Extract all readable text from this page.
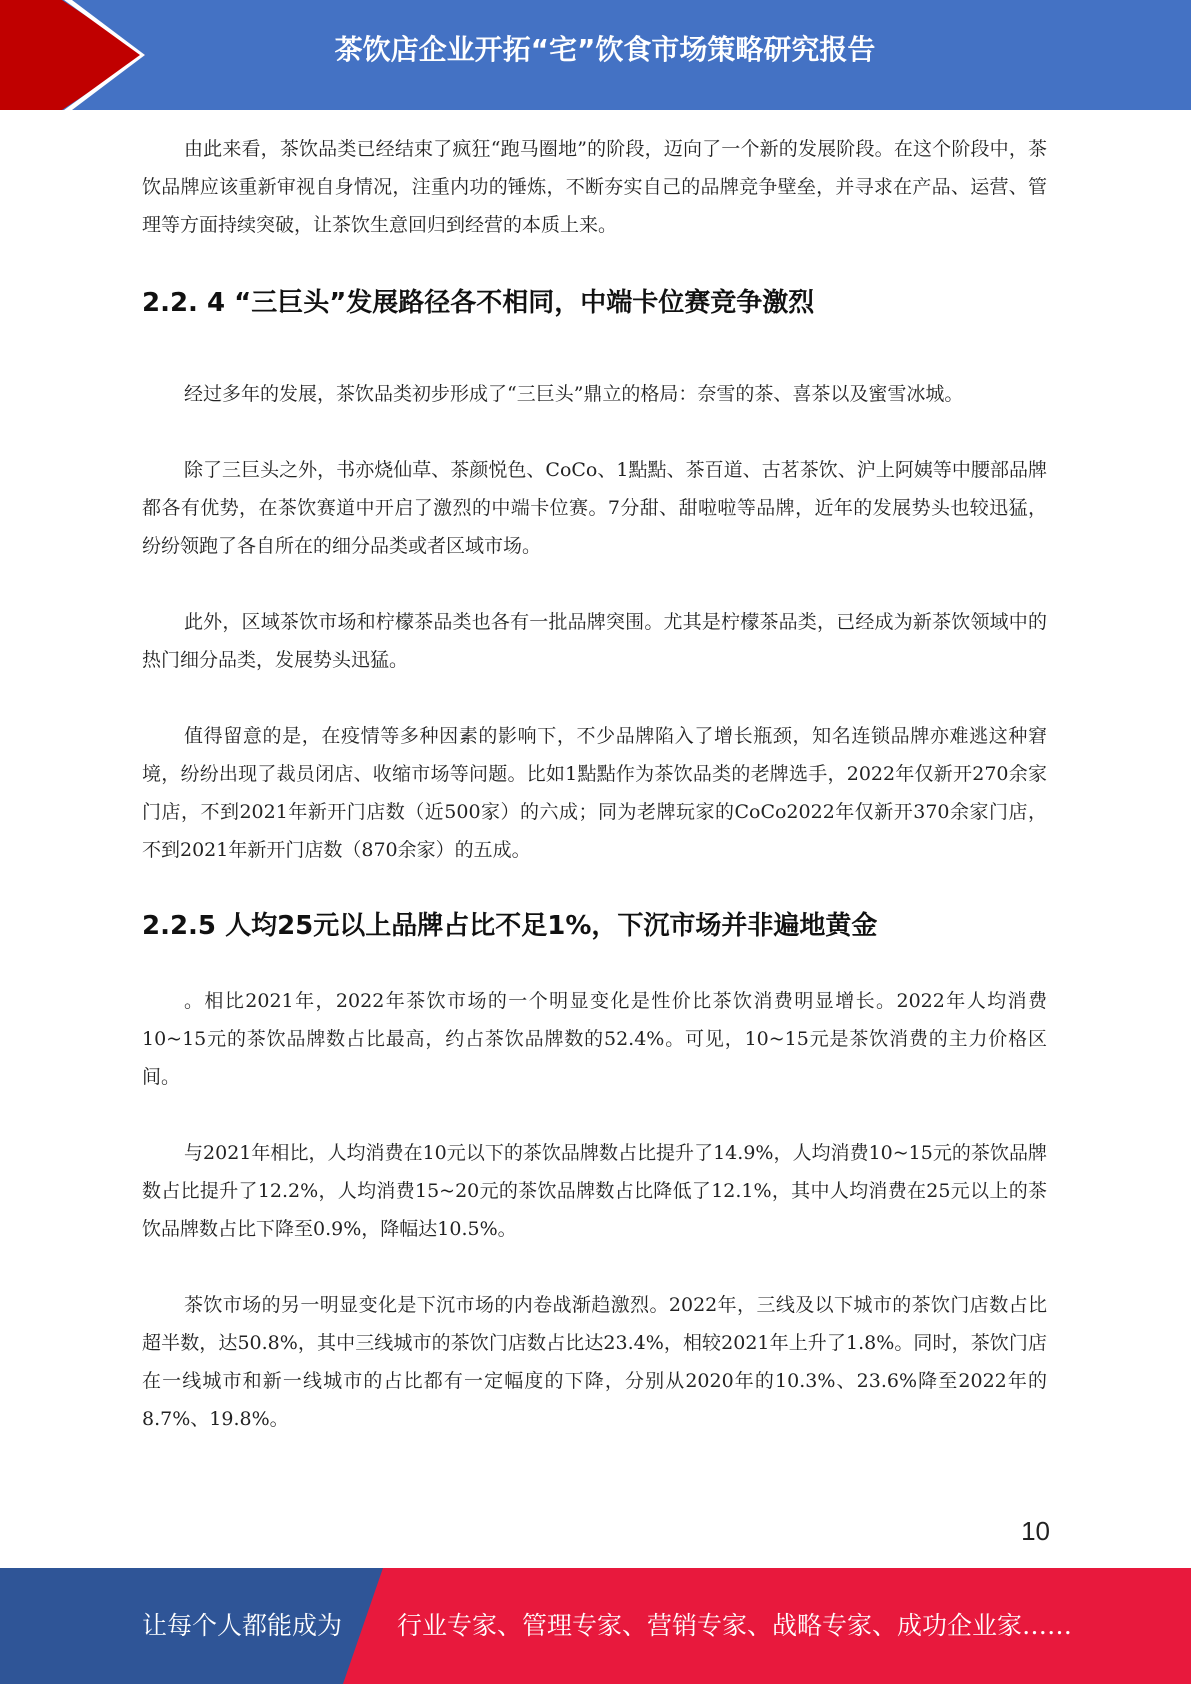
茶饮店企业开拓“宅”饮食市场策略研究报告

由此来看，茶饮品类已经结束了疯狂“跑马圈地”的阶段，迈向了一个新的发展阶段。在这个阶段中，茶饮品牌应该重新审视自身情况，注重内功的锤炼，不断夯实自己的品牌竞争壁垒，并寻求在产品、运营、管理等方面持续突破，让茶饮生意回归到经营的本质上来。

2.2. 4 “三巨头”发展路径各不相同，中端卡位赛竞争激烈

经过多年的发展，茶饮品类初步形成了“三巨头”鼎立的格局：奈雪的茶、喜茶以及蜜雪冰城。

除了三巨头之外，书亦烧仙草、茶颜悦色、CoCo、1點點、茶百道、古茗茶饮、沪上阿姨等中腰部品牌都各有优势，在茶饮赛道中开启了激烈的中端卡位赛。7分甜、甜啦啦等品牌，近年的发展势头也较迅猛，纷纷领跑了各自所在的细分品类或者区域市场。

此外，区域茶饮市场和柠檬茶品类也各有一批品牌突围。尤其是柠檬茶品类，已经成为新茶饮领域中的热门细分品类，发展势头迅猛。

值得留意的是，在疫情等多种因素的影响下，不少品牌陷入了增长瓶颈，知名连锁品牌亦难逃这种窘境，纷纷出现了裁员闭店、收缩市场等问题。比如1點點作为茶饮品类的老牌选手，2022年仅新开270余家门店，不到2021年新开门店数（近500家）的六成；同为老牌玩家的CoCo2022年仅新开370余家门店，不到2021年新开门店数（870余家）的五成。

2.2.5 人均25元以上品牌占比不足1%，下沉市场并非遍地黄金

。相比2021年，2022年茶饮市场的一个明显变化是性价比茶饮消费明显增长。2022年人均消费10~15元的茶饮品牌数占比最高，约占茶饮品牌数的52.4%。可见，10~15元是茶饮消费的主力价格区间。

与2021年相比，人均消费在10元以下的茶饮品牌数占比提升了14.9%，人均消费10~15元的茶饮品牌数占比提升了12.2%，人均消费15~20元的茶饮品牌数占比降低了12.1%，其中人均消费在25元以上的茶饮品牌数占比下降至0.9%，降幅达10.5%。

茶饮市场的另一明显变化是下沉市场的内卷战渐趋激烈。2022年，三线及以下城市的茶饮门店数占比超半数，达50.8%，其中三线城市的茶饮门店数占比达23.4%，相较2021年上升了1.8%。同时，茶饮门店在一线城市和新一线城市的占比都有一定幅度的下降，分别从2020年的10.3%、23.6%降至2022年的8.7%、19.8%。

10
让每个人都能成为 行业专家、管理专家、营销专家、战略专家、成功企业家……
